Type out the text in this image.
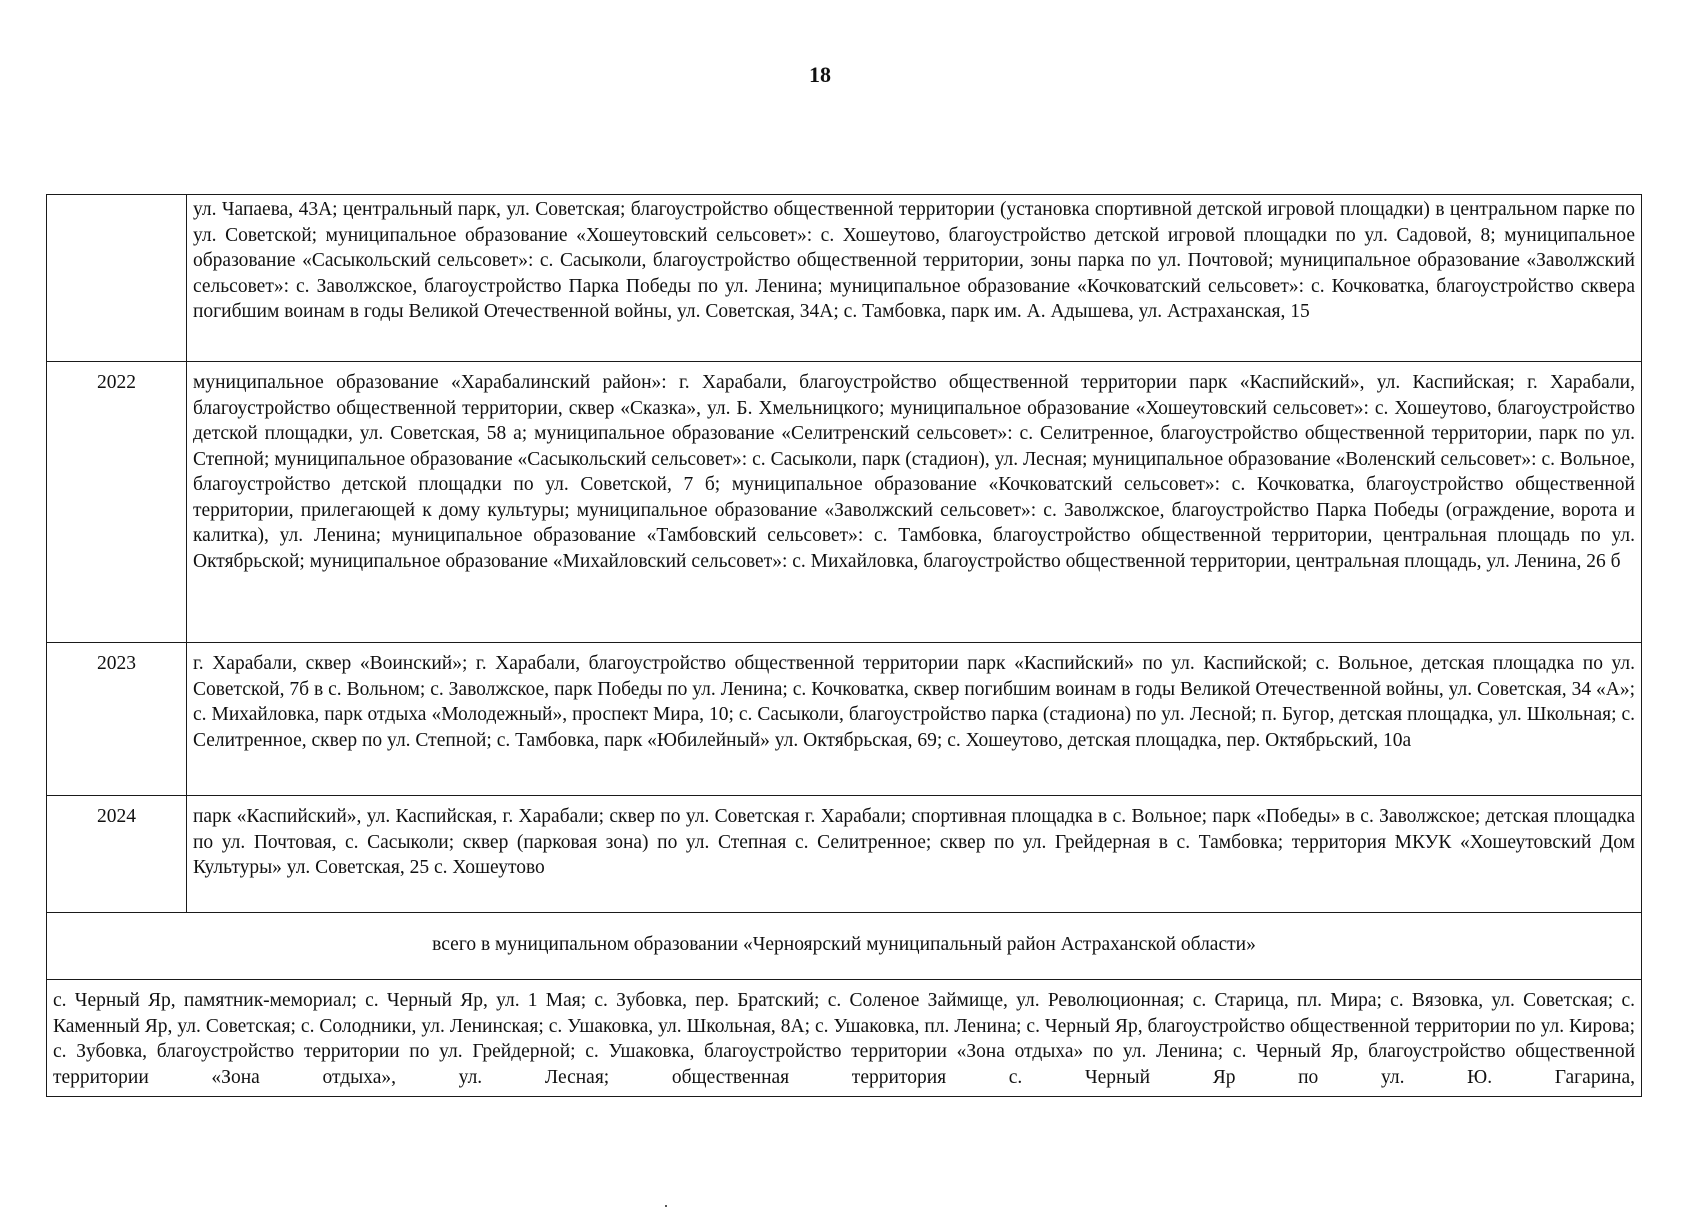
18
	ул. Чапаева, 43А; центральный парк, ул. Советская; благоустройство общественной территории (установка спортивной детской игровой площадки) в центральном парке по ул. Советской; муниципальное образование «Хошеутовский сельсовет»: с. Хошеутово, благоустройство детской игровой площадки по ул. Садовой, 8; муниципальное образование «Сасыкольский сельсовет»: с. Сасыколи, благоустройство общественной территории, зоны парка по ул. Почтовой; муниципальное образование «Заволжский сельсовет»: с. Заволжское, благоустройство Парка Победы по ул. Ленина; муниципальное образование «Кочковатский сельсовет»: с. Кочковатка, благоустройство сквера погибшим воинам в годы Великой Отечественной войны, ул. Советская, 34А; с. Тамбовка, парк им. А. Адышева, ул. Астраханская, 15
2022	муниципальное образование «Харабалинский район»: г. Харабали, благоустройство общественной территории парк «Каспийский», ул. Каспийская; г. Харабали, благоустройство общественной территории, сквер «Сказка», ул. Б. Хмельницкого; муниципальное образование «Хошеутовский сельсовет»: с. Хошеутово, благоустройство детской площадки, ул. Советская, 58 а; муниципальное образование «Селитренский сельсовет»: с. Селитренное, благоустройство общественной территории, парк по ул. Степной; муниципальное образование «Сасыкольский сельсовет»: с. Сасыколи, парк (стадион), ул. Лесная; муниципальное образование «Воленский сельсовет»: с. Вольное, благоустройство детской площадки по ул. Советской, 7 б; муниципальное образование «Кочковатский сельсовет»: с. Кочковатка, благоустройство общественной территории, прилегающей к дому культуры; муниципальное образование «Заволжский сельсовет»: с. Заволжское, благоустройство Парка Победы (ограждение, ворота и калитка), ул. Ленина; муниципальное образование «Тамбовский сельсовет»: с. Тамбовка, благоустройство общественной территории, центральная площадь по ул. Октябрьской; муниципальное образование «Михайловский сельсовет»: с. Михайловка, благоустройство общественной территории, центральная площадь, ул. Ленина, 26 б
2023	г. Харабали, сквер «Воинский»; г. Харабали, благоустройство общественной территории парк «Каспийский» по ул. Каспийской; с. Вольное, детская площадка по ул. Советской, 7б в с. Вольном; с. Заволжское, парк Победы по ул. Ленина; с. Кочковатка, сквер погибшим воинам в годы Великой Отечественной войны, ул. Советская, 34 «А»; с. Михайловка, парк отдыха «Молодежный», проспект Мира, 10; с. Сасыколи, благоустройство парка (стадиона) по ул. Лесной; п. Бугор, детская площадка, ул. Школьная; с. Селитренное, сквер по ул. Степной; с. Тамбовка, парк «Юбилейный» ул. Октябрьская, 69; с. Хошеутово, детская площадка, пер. Октябрьский, 10а
2024	парк «Каспийский», ул. Каспийская, г. Харабали; сквер по ул. Советская г. Харабали; спортивная площадка в с. Вольное; парк «Победы» в с. Заволжское; детская площадка по ул. Почтовая, с. Сасыколи; сквер (парковая зона) по ул. Степная с. Селитренное; сквер по ул. Грейдерная в с. Тамбовка; территория МКУК «Хошеутовский Дом Культуры» ул. Советская, 25 с. Хошеутово
всего в муниципальном образовании «Черноярский муниципальный район Астраханской области»	
с. Черный Яр, памятник-мемориал; с. Черный Яр, ул. 1 Мая; с. Зубовка, пер. Братский; с. Соленое Займище, ул. Революционная; с. Старица, пл. Мира; с. Вязовка, ул. Советская; с. Каменный Яр, ул. Советская; с. Солодники, ул. Ленинская; с. Ушаковка, ул. Школьная, 8А; с. Ушаковка, пл. Ленина; с. Черный Яр, благоустройство общественной территории по ул. Кирова; с. Зубовка, благоустройство территории по ул. Грейдерной; с. Ушаковка, благоустройство территории «Зона отдыха» по ул. Ленина; с. Черный Яр, благоустройство общественной территории «Зона отдыха», ул. Лесная; общественная территория с. Черный Яр по ул. Ю. Гагарина,	
